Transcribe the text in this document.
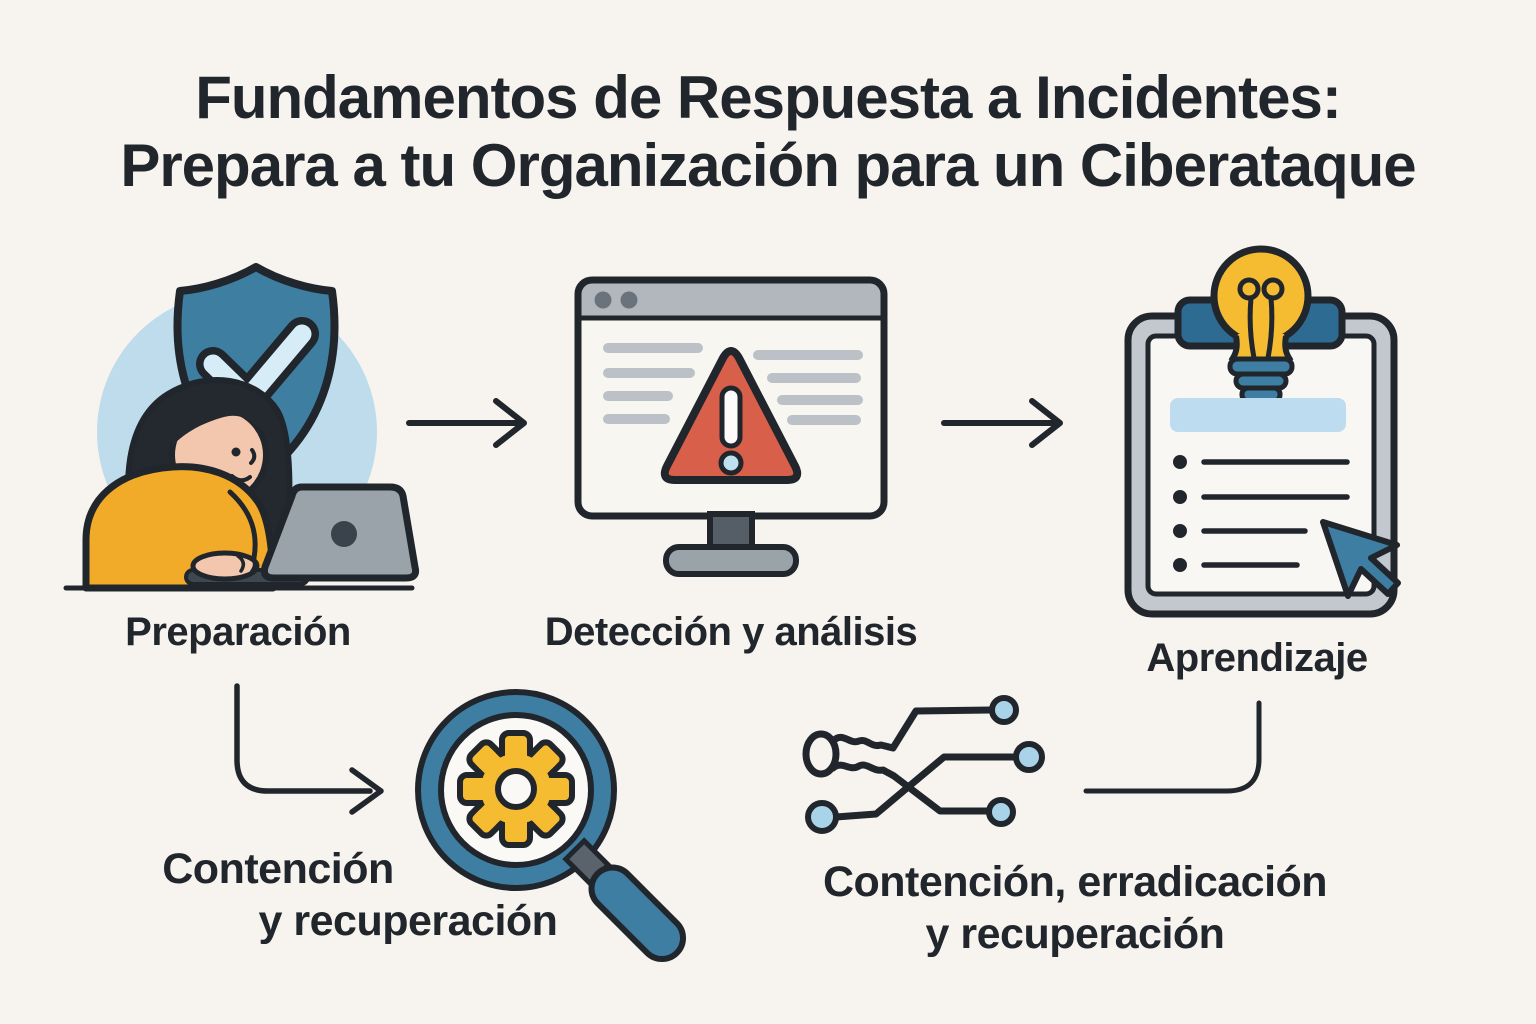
Fundamentos de Respuesta a Incidentes:
Prepara a tu Organización para un Ciberataque
Preparación	Detección y análisis
Aprendizaje
Contención
y recuperación
Contención, erradicación
y recuperación
